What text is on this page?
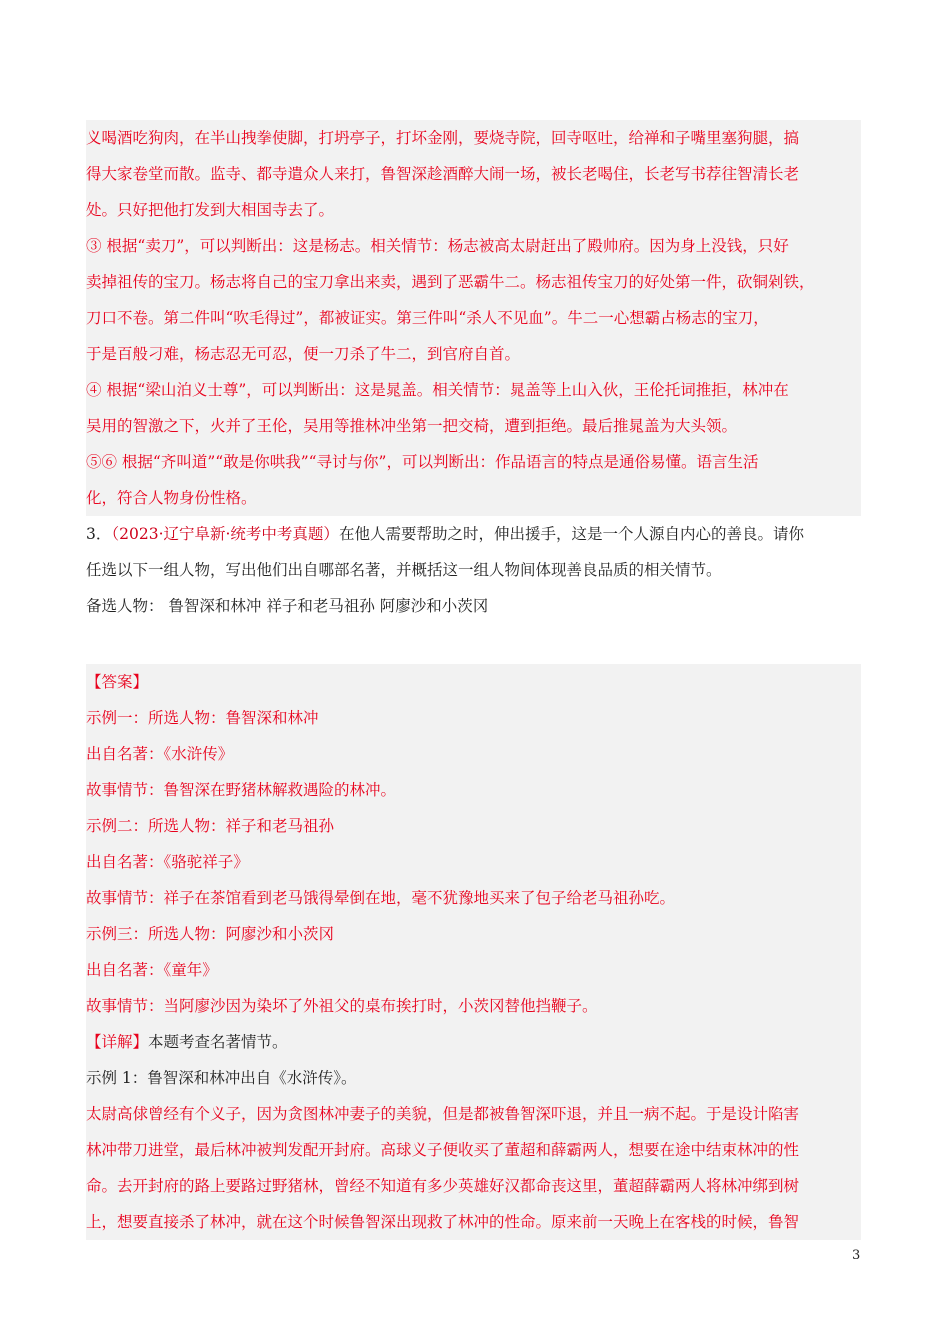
义喝酒吃狗肉，在半山拽拳使脚，打坍亭子，打坏金刚，要烧寺院，回寺呕吐，给禅和子嘴里塞狗腿，搞
得大家卷堂而散。监寺、都寺遣众人来打，鲁智深趁酒醉大闹一场，被长老喝住，长老写书荐往智清长老
处。只好把他打发到大相国寺去了。
③ 根据“卖刀”，可以判断出：这是杨志。相关情节：杨志被高太尉赶出了殿帅府。因为身上没钱，只好
卖掉祖传的宝刀。杨志将自己的宝刀拿出来卖，遇到了恶霸牛二。杨志祖传宝刀的好处第一件，砍铜剁铁，
刀口不卷。第二件叫“吹毛得过”，都被证实。第三件叫“杀人不见血”。牛二一心想霸占杨志的宝刀，
于是百般刁难，杨志忍无可忍，便一刀杀了牛二，到官府自首。
④ 根据“梁山泊义士尊”，可以判断出：这是晁盖。相关情节：晁盖等上山入伙，王伦托词推拒，林冲在
吴用的智激之下，火并了王伦，吴用等推林冲坐第一把交椅，遭到拒绝。最后推晁盖为大头领。
⑤⑥ 根据“齐叫道”“敢是你哄我”“寻讨与你”，可以判断出：作品语言的特点是通俗易懂。语言生活
化，符合人物身份性格。
3．（2023·辽宁阜新·统考中考真题）在他人需要帮助之时，伸出援手，这是一个人源自内心的善良。请你
任选以下一组人物，写出他们出自哪部名著，并概括这一组人物间体现善良品质的相关情节。
备选人物： 鲁智深和林冲 祥子和老马祖孙 阿廖沙和小茨冈
【答案】
示例一：所选人物：鲁智深和林冲
出自名著：《水浒传》
故事情节：鲁智深在野猪林解救遇险的林冲。
示例二：所选人物：祥子和老马祖孙
出自名著：《骆驼祥子》
故事情节：祥子在茶馆看到老马饿得晕倒在地，毫不犹豫地买来了包子给老马祖孙吃。
示例三：所选人物：阿廖沙和小茨冈
出自名著：《童年》
故事情节：当阿廖沙因为染坏了外祖父的桌布挨打时，小茨冈替他挡鞭子。
【详解】本题考查名著情节。
示例 1：鲁智深和林冲出自《水浒传》。
太尉高俅曾经有个义子，因为贪图林冲妻子的美貌，但是都被鲁智深吓退，并且一病不起。于是设计陷害
林冲带刀进堂，最后林冲被判发配开封府。高球义子便收买了董超和薛霸两人，想要在途中结束林冲的性
命。去开封府的路上要路过野猪林，曾经不知道有多少英雄好汉都命丧这里，董超薛霸两人将林冲绑到树
上，想要直接杀了林冲，就在这个时候鲁智深出现救了林冲的性命。原来前一天晚上在客栈的时候，鲁智
3
